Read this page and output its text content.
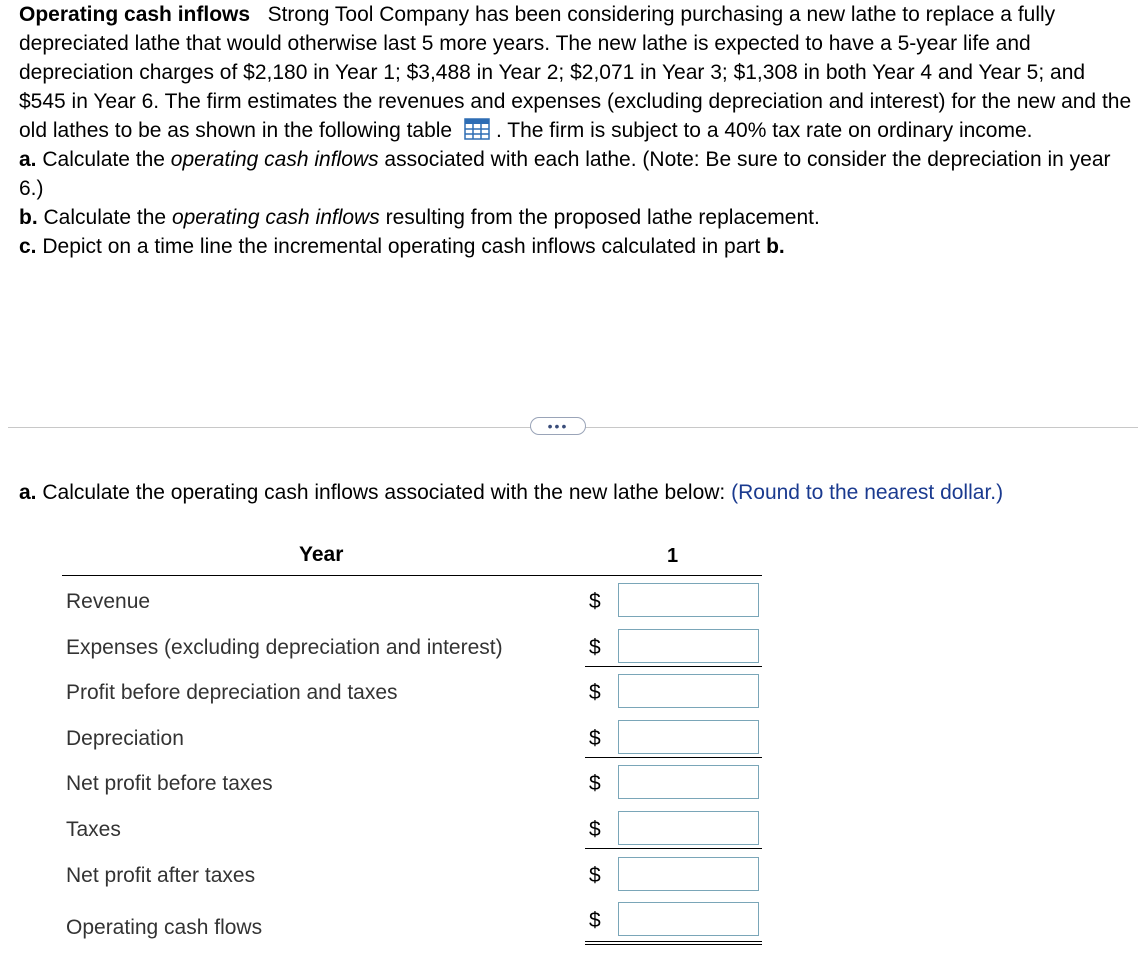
Operating cash inflows Strong Tool Company has been considering purchasing a new lathe to replace a fully depreciated lathe that would otherwise last 5 more years. The new lathe is expected to have a 5-year life and depreciation charges of $2,180 in Year 1; $3,488 in Year 2; $2,071 in Year 3; $1,308 in both Year 4 and Year 5; and $545 in Year 6. The firm estimates the revenues and expenses (excluding depreciation and interest) for the new and the old lathes to be as shown in the following table . The firm is subject to a 40% tax rate on ordinary income.

a. Calculate the operating cash inflows associated with each lathe. (Note: Be sure to consider the depreciation in year 6.)

b. Calculate the operating cash inflows resulting from the proposed lathe replacement.

c. Depict on a time line the incremental operating cash inflows calculated in part b.

•••
a. Calculate the operating cash inflows associated with the new lathe below: (Round to the nearest dollar.)
Year	1
Revenue	$
Expenses (excluding depreciation and interest)	$
Profit before depreciation and taxes	$
Depreciation	$
Net profit before taxes	$
Taxes	$
Net profit after taxes	$
Operating cash flows	$
